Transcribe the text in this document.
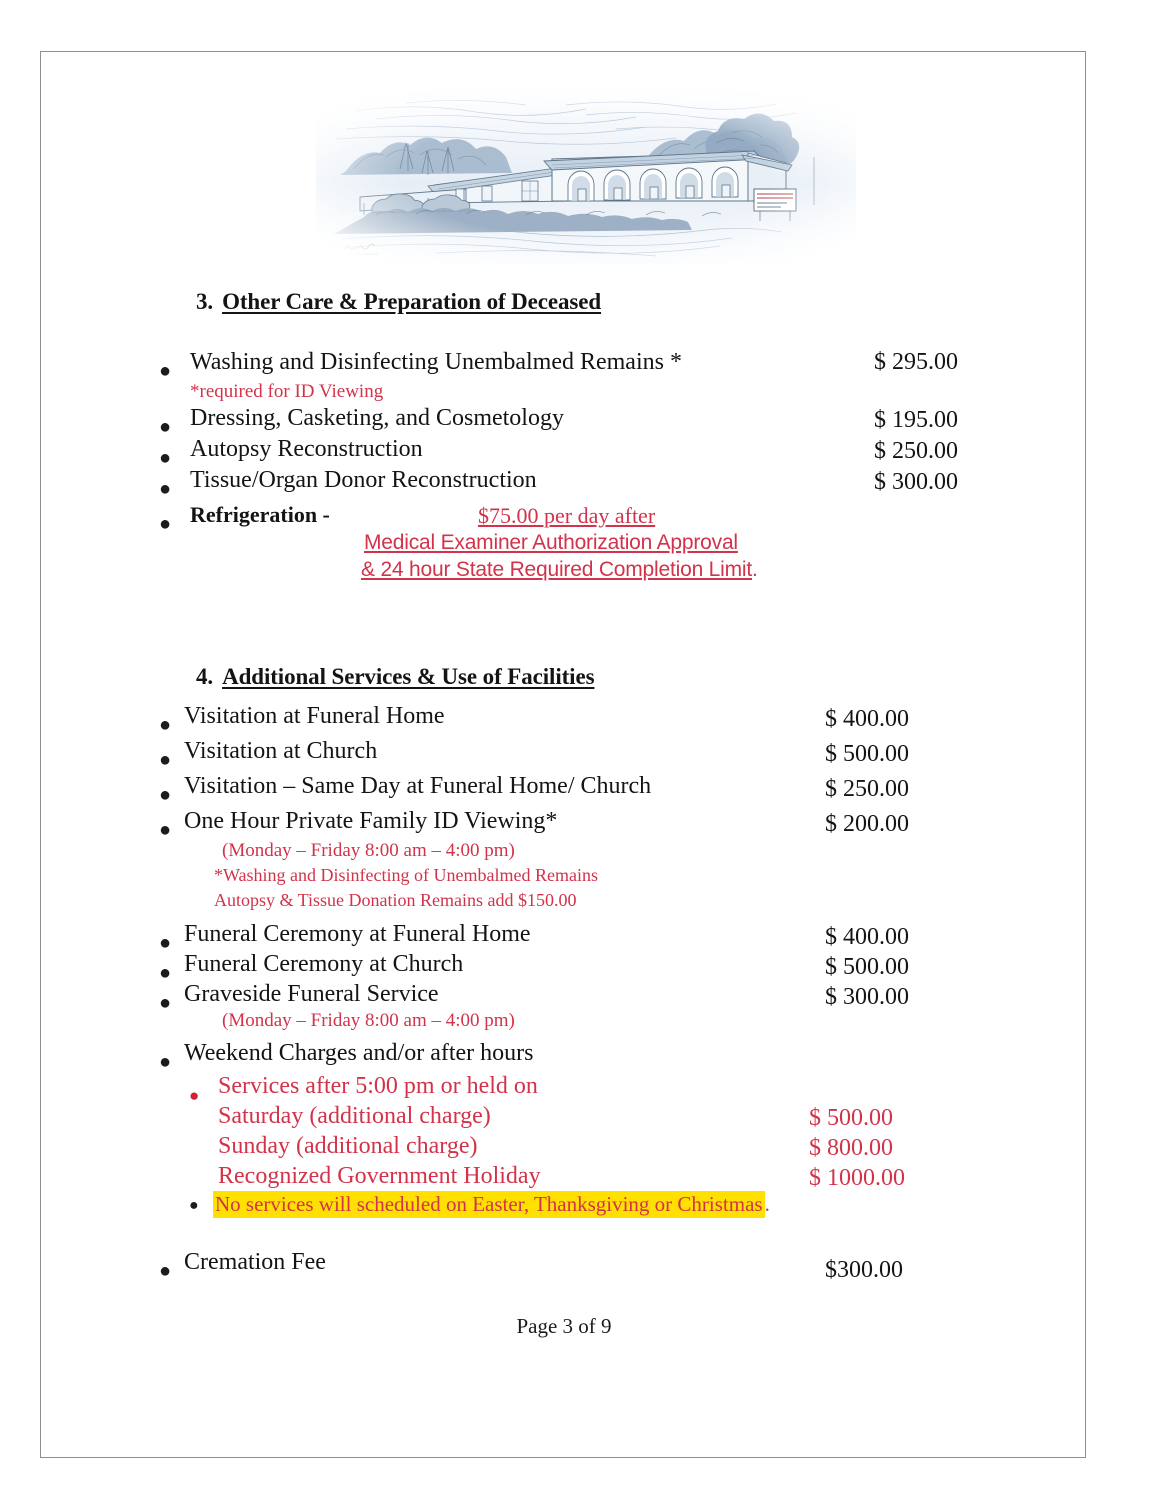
3. Other Care & Preparation of Deceased
● Washing and Disinfecting Unembalmed Remains *	$ 295.00
*required for ID Viewing
● Dressing, Casketing, and Cosmetology	$ 195.00
● Autopsy Reconstruction	$ 250.00
● Tissue/Organ Donor Reconstruction	$ 300.00
● Refrigeration -	$75.00 per day after
Medical Examiner Authorization Approval
& 24 hour State Required Completion Limit.
4. Additional Services & Use of Facilities
● Visitation at Funeral Home	$ 400.00
● Visitation at Church	$ 500.00
● Visitation – Same Day at Funeral Home/ Church	$ 250.00
● One Hour Private Family ID Viewing*	$ 200.00
(Monday – Friday 8:00 am – 4:00 pm)
*Washing and Disinfecting of Unembalmed Remains
Autopsy & Tissue Donation Remains add $150.00
● Funeral Ceremony at Funeral Home	$ 400.00
● Funeral Ceremony at Church	$ 500.00
● Graveside Funeral Service	$ 300.00
(Monday – Friday 8:00 am – 4:00 pm)
● Weekend Charges and/or after hours
● Services after 5:00 pm or held on
Saturday (additional charge)	$ 500.00
Sunday (additional charge)	$ 800.00
Recognized Government Holiday	$ 1000.00
● No services will scheduled on Easter, Thanksgiving or Christmas.
● Cremation Fee	$300.00
Page 3 of 9
